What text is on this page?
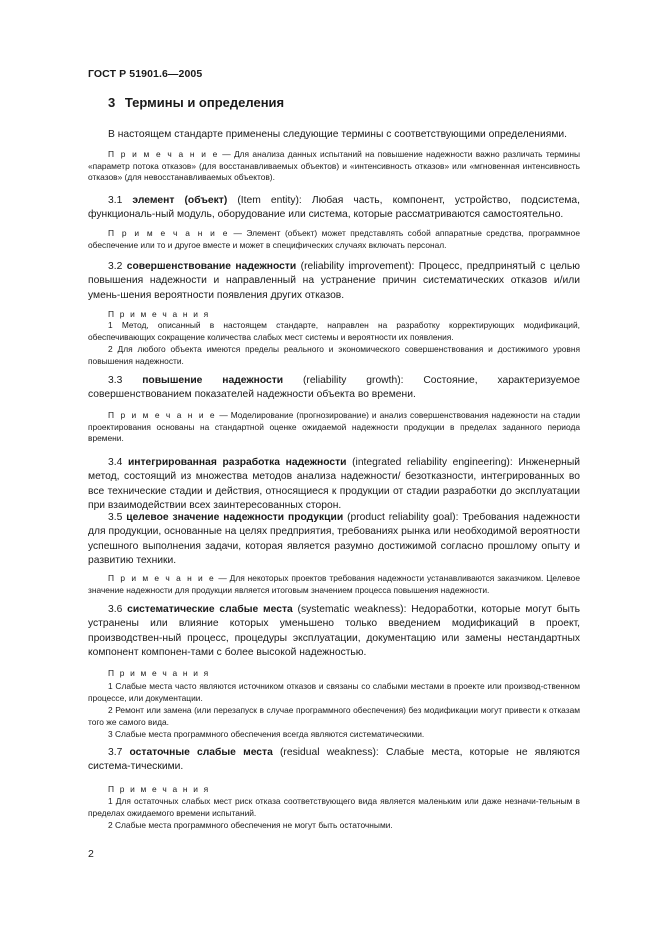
ГОСТ Р 51901.6—2005
3 Термины и определения
В настоящем стандарте применены следующие термины с соответствующими определениями.
П р и м е ч а н и е — Для анализа данных испытаний на повышение надежности важно различать термины «параметр потока отказов» (для восстанавливаемых объектов) и «интенсивность отказов» или «мгновенная интенсивность отказов» (для невосстанавливаемых объектов).
3.1 элемент (объект) (Item entity): Любая часть, компонент, устройство, подсистема, функциональ-ный модуль, оборудование или система, которые рассматриваются самостоятельно.
П р и м е ч а н и е — Элемент (объект) может представлять собой аппаратные средства, программное обеспечение или то и другое вместе и может в специфических случаях включать персонал.
3.2 совершенствование надежности (reliability improvement): Процесс, предпринятый с целью повышения надежности и направленный на устранение причин систематических отказов и/или умень-шения вероятности появления других отказов.
П р и м е ч а н и я
1 Метод, описанный в настоящем стандарте, направлен на разработку корректирующих модификаций, обеспечивающих сокращение количества слабых мест системы и вероятности их появления.
2 Для любого объекта имеются пределы реального и экономического совершенствования и достижимого уровня повышения надежности.
3.3 повышение надежности (reliability growth): Состояние, характеризуемое совершенствованием показателей надежности объекта во времени.
П р и м е ч а н и е — Моделирование (прогнозирование) и анализ совершенствования надежности на стадии проектирования основаны на стандартной оценке ожидаемой надежности продукции в пределах заданного периода времени.
3.4 интегрированная разработка надежности (integrated reliability engineering): Инженерный метод, состоящий из множества методов анализа надежности/ безотказности, интегрированных во все технические стадии и действия, относящиеся к продукции от стадии разработки до эксплуатации при взаимодействии всех заинтересованных сторон.
3.5 целевое значение надежности продукции (product reliability goal): Требования надежности для продукции, основанные на целях предприятия, требованиях рынка или необходимой вероятности успешного выполнения задачи, которая является разумно достижимой согласно прошлому опыту и развитию техники.
П р и м е ч а н и е — Для некоторых проектов требования надежности устанавливаются заказчиком. Целевое значение надежности для продукции является итоговым значением процесса повышения надежности.
3.6 систематические слабые места (systematic weakness): Недоработки, которые могут быть устранены или влияние которых уменьшено только введением модификаций в проект, производствен-ный процесс, процедуры эксплуатации, документацию или замены нестандартных компонент компонен-тами с более высокой надежностью.
П р и м е ч а н и я
1 Слабые места часто являются источником отказов и связаны со слабыми местами в проекте или производ-ственном процессе, или документации.
2 Ремонт или замена (или перезапуск в случае программного обеспечения) без модификации могут привести к отказам того же самого вида.
3 Слабые места программного обеспечения всегда являются систематическими.
3.7 остаточные слабые места (residual weakness): Слабые места, которые не являются система-тическими.
П р и м е ч а н и я
1 Для остаточных слабых мест риск отказа соответствующего вида является маленьким или даже незначи-тельным в пределах ожидаемого времени испытаний.
2 Слабые места программного обеспечения не могут быть остаточными.
2
